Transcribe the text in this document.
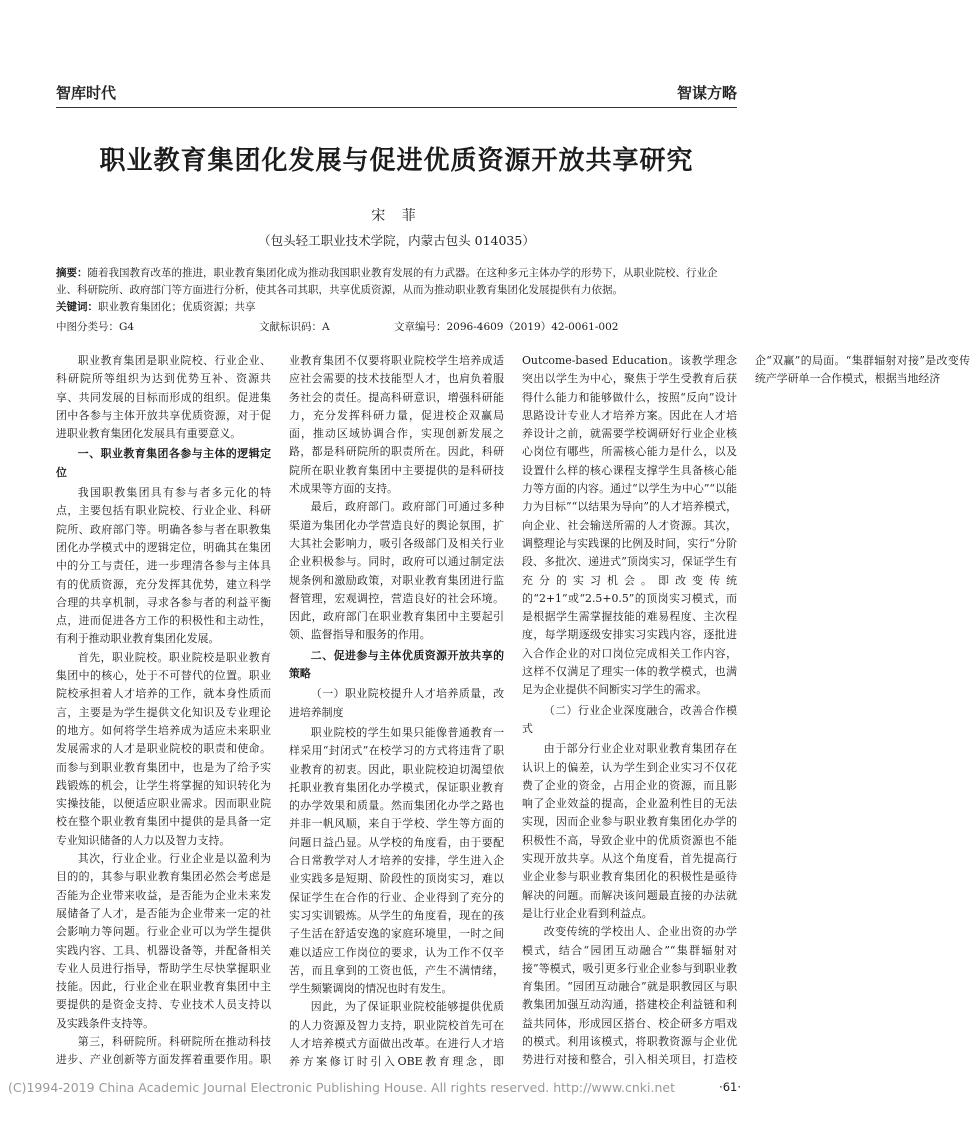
智库时代	智谋方略
职业教育集团化发展与促进优质资源开放共享研究
宋 菲
（包头轻工职业技术学院，内蒙古包头 014035）
摘要：随着我国教育改革的推进，职业教育集团化成为推动我国职业教育发展的有力武器。在这种多元主体办学的形势下，从职业院校、行业企业、科研院所、政府部门等方面进行分析，使其各司其职，共享优质资源，从而为推动职业教育集团化发展提供有力依据。
关键词：职业教育集团化；优质资源；共享
中图分类号：G4	文献标识码：A	文章编号：2096-4609（2019）42-0061-002

职业教育集团是职业院校、行业企业、科研院所等组织为达到优势互补、资源共享、共同发展的目标而形成的组织。促进集团中各参与主体开放共享优质资源，对于促进职业教育集团化发展具有重要意义。

一、职业教育集团各参与主体的逻辑定位

我国职教集团具有参与者多元化的特点，主要包括有职业院校、行业企业、科研院所、政府部门等。明确各参与者在职教集团化办学模式中的逻辑定位，明确其在集团中的分工与责任，进一步理清各参与主体具有的优质资源，充分发挥其优势，建立科学合理的共享机制，寻求各参与者的利益平衡点，进而促进各方工作的积极性和主动性，有利于推动职业教育集团化发展。

首先，职业院校。职业院校是职业教育集团中的核心，处于不可替代的位置。职业院校承担着人才培养的工作，就本身性质而言，主要是为学生提供文化知识及专业理论的地方。如何将学生培养成为适应未来职业发展需求的人才是职业院校的职责和使命。而参与到职业教育集团中，也是为了给予实践锻炼的机会，让学生将掌握的知识转化为实操技能，以便适应职业需求。因而职业院校在整个职业教育集团中提供的是具备一定专业知识储备的人力以及智力支持。

其次，行业企业。行业企业是以盈利为目的的，其参与职业教育集团必然会考虑是否能为企业带来收益，是否能为企业未来发展储备了人才，是否能为企业带来一定的社会影响力等问题。行业企业可以为学生提供实践内容、工具、机器设备等，并配备相关专业人员进行指导，帮助学生尽快掌握职业技能。因此，行业企业在职业教育集团中主要提供的是资金支持、专业技术人员支持以及实践条件支持等。

第三，科研院所。科研院所在推动科技进步、产业创新等方面发挥着重要作用。职业教育集团不仅要将职业院校学生培养成适应社会需要的技术技能型人才，也肩负着服务社会的责任。提高科研意识，增强科研能力，充分发挥科研力量，促进校企双赢局面，推动区域协调合作，实现创新发展之路，都是科研院所的职责所在。因此，科研院所在职业教育集团中主要提供的是科研技术成果等方面的支持。

最后，政府部门。政府部门可通过多种渠道为集团化办学营造良好的舆论氛围，扩大其社会影响力，吸引各级部门及相关行业企业积极参与。同时，政府可以通过制定法规条例和激励政策，对职业教育集团进行监督管理，宏观调控，营造良好的社会环境。因此，政府部门在职业教育集团中主要起引领、监督指导和服务的作用。

二、促进参与主体优质资源开放共享的策略
（一）职业院校提升人才培养质量，改进培养制度

职业院校的学生如果只能像普通教育一样采用“封闭式”在校学习的方式将违背了职业教育的初衷。因此，职业院校迫切渴望依托职业教育集团化办学模式，保证职业教育的办学效果和质量。然而集团化办学之路也并非一帆风顺，来自于学校、学生等方面的问题日益凸显。从学校的角度看，由于要配合日常教学对人才培养的安排，学生进入企业实践多是短期、阶段性的顶岗实习，难以保证学生在合作的行业、企业得到了充分的实习实训锻炼。从学生的角度看，现在的孩子生活在舒适安逸的家庭环境里，一时之间难以适应工作岗位的要求，认为工作不仅辛苦，而且拿到的工资也低，产生不满情绪，学生频繁调岗的情况也时有发生。

因此，为了保证职业院校能够提供优质的人力资源及智力支持，职业院校首先可在人才培养模式方面做出改革。在进行人才培养方案修订时引入OBE教育理念，即Outcome-based Education。该教学理念突出以学生为中心，聚焦于学生受教育后获得什么能力和能够做什么，按照“反向”设计思路设计专业人才培养方案。因此在人才培养设计之前，就需要学校调研好行业企业核心岗位有哪些，所需核心能力是什么，以及设置什么样的核心课程支撑学生具备核心能力等方面的内容。通过“以学生为中心”“以能力为目标”“以结果为导向”的人才培养模式，向企业、社会输送所需的人才资源。其次，调整理论与实践课的比例及时间，实行“分阶段、多批次、递进式”顶岗实习，保证学生有充分的实习机会。即改变传统的“2+1”或“2.5+0.5”的顶岗实习模式，而是根据学生需掌握技能的难易程度、主次程度，每学期逐级安排实习实践内容，逐批进入合作企业的对口岗位完成相关工作内容，这样不仅满足了理实一体的教学模式，也满足为企业提供不间断实习学生的需求。

（二）行业企业深度融合，改善合作模式

由于部分行业企业对职业教育集团存在认识上的偏差，认为学生到企业实习不仅花费了企业的资金，占用企业的资源，而且影响了企业效益的提高，企业盈利性目的无法实现，因而企业参与职业教育集团化办学的积极性不高，导致企业中的优质资源也不能实现开放共享。从这个角度看，首先提高行业企业参与职业教育集团化的积极性是亟待解决的问题。而解决该问题最直接的办法就是让行业企业看到利益点。

改变传统的学校出人、企业出资的办学模式，结合“园团互动融合”“集群辐射对接”等模式，吸引更多行业企业参与到职业教育集团。“园团互动融合”就是职教园区与职教集团加强互动沟通，搭建校企利益链和利益共同体，形成园区搭台、校企研多方唱戏的模式。利用该模式，将职教资源与企业优势进行对接和整合，引入相关项目，打造校企“双赢”的局面。“集群辐射对接”是改变传统产学研单一合作模式，根据当地经济

(C)1994-2019 China Academic Journal Electronic Publishing House. All rights reserved. http://www.cnki.net	·61·
